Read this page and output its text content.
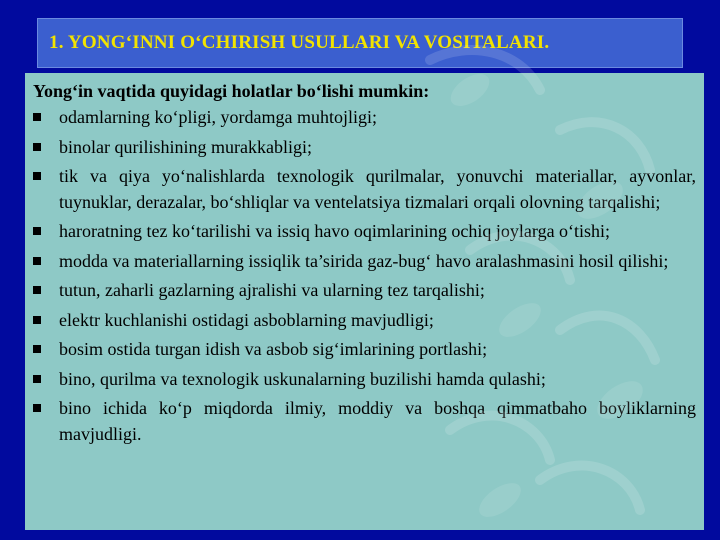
1. YONG‘INNI O‘CHIRISH USULLARI VA VOSITALARI.

Yong‘in vaqtida quyidagi holatlar bo‘lishi mumkin:

odamlarning ko‘pligi, yordamga muhtojligi;
binolar qurilishining murakkabligi;
tik va qiya yo‘nalishlarda texnologik qurilmalar, yonuvchi materiallar, ayvonlar, tuynuklar, derazalar, bo‘shliqlar va ventelatsiya tizmalari orqali olovning tarqalishi;
haroratning tez ko‘tarilishi va issiq havo oqimlarining ochiq joylarga o‘tishi;
modda va materiallarning issiqlik ta’sirida gaz-bug‘ havo aralashmasini hosil qilishi;
tutun, zaharli gazlarning ajralishi va ularning tez tarqalishi;
elektr kuchlanishi ostidagi asboblarning mavjudligi;
bosim ostida turgan idish va asbob sig‘imlarining portlashi;
bino, qurilma va texnologik uskunalarning buzilishi hamda qulashi;
bino ichida ko‘p miqdorda ilmiy, moddiy va boshqa qimmatbaho boyliklarning mavjudligi.
